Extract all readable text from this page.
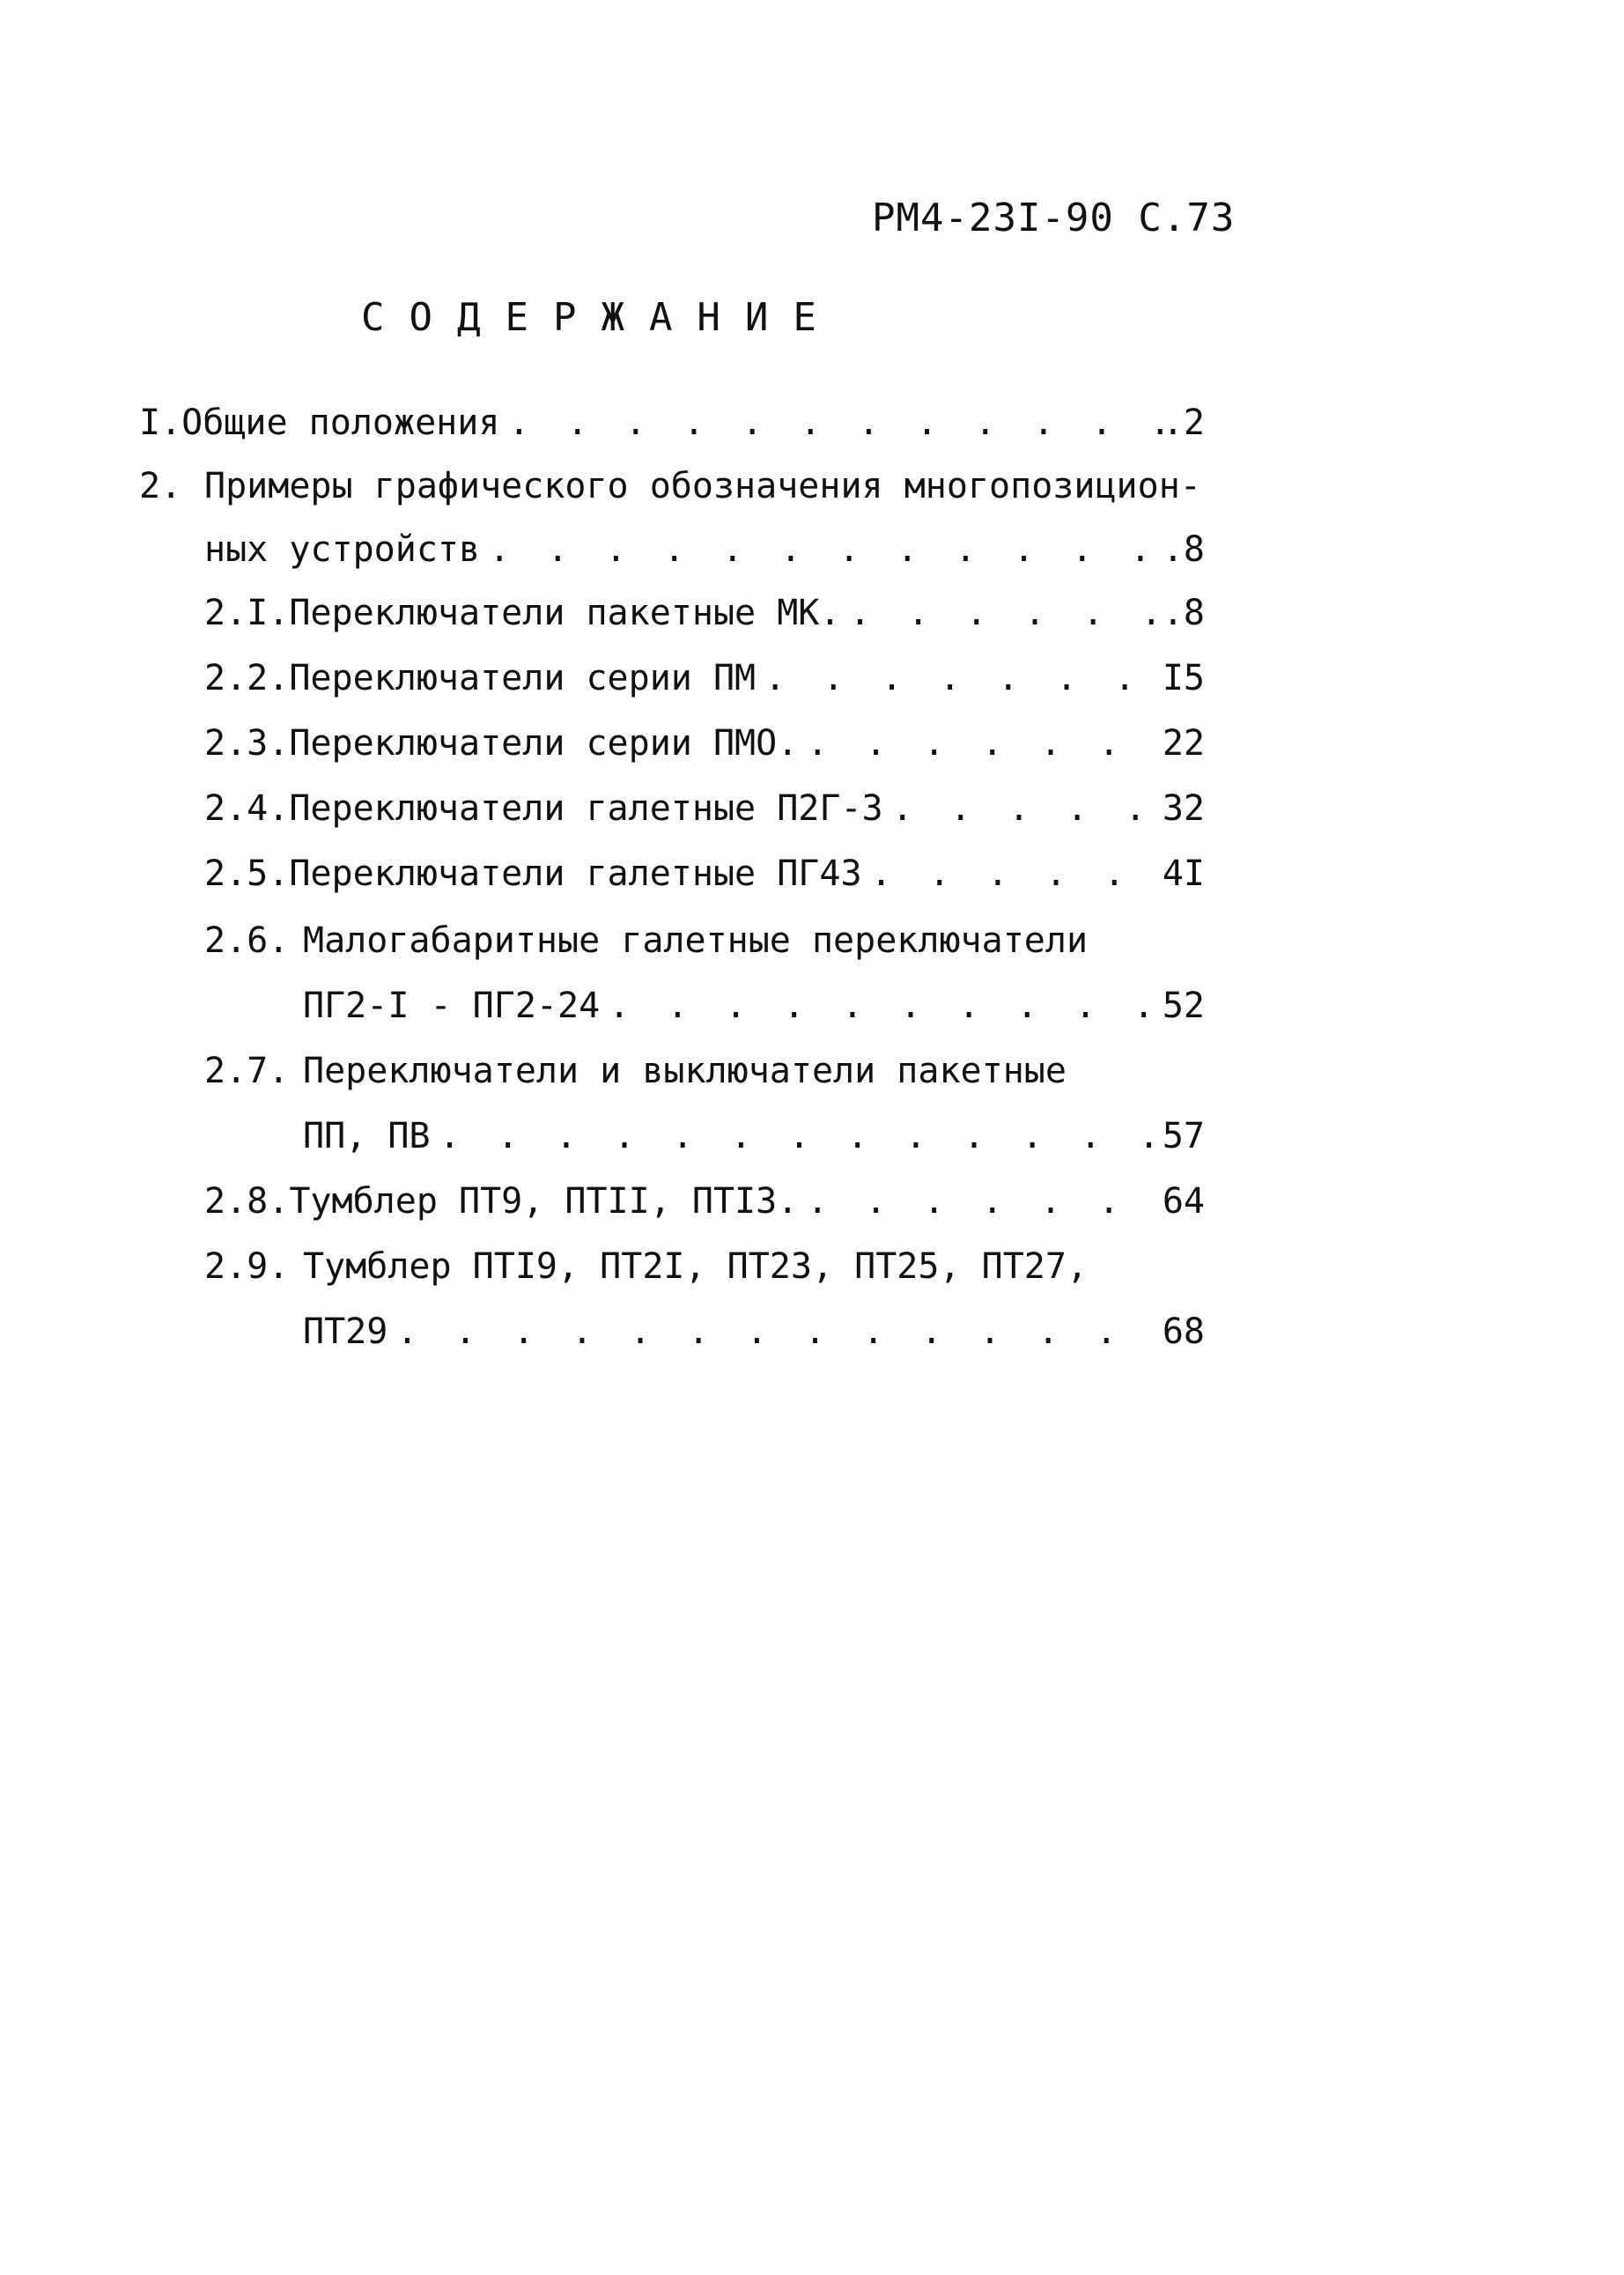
РМ4-23I-90 С.73
СОДЕРЖАНИЕ
I. Общие положения . . .	.2
2. Примеры графического обозначения многопозицион-
ных устройств . . .	.8
2.I. Переключатели пакетные МК. . . .	.8
2.2. Переключатели серии ПМ . . .	I5
2.3. Переключатели серии ПМО. . . .	22
2.4. Переключатели галетные П2Г-3 . . .	32
2.5. Переключатели галетные ПГ43 . . .	4I
2.6. Малогабаритные галетные переключатели
ПГ2-I - ПГ2-24 . . .	52
2.7. Переключатели и выключатели пакетные
ПП, ПВ . . .	57
2.8. Тумблер ПТ9, ПТII, ПТI3. . . .	64
2.9. Тумблер ПТI9, ПТ2I, ПТ23, ПТ25, ПТ27,
ПТ29 . . .	68
